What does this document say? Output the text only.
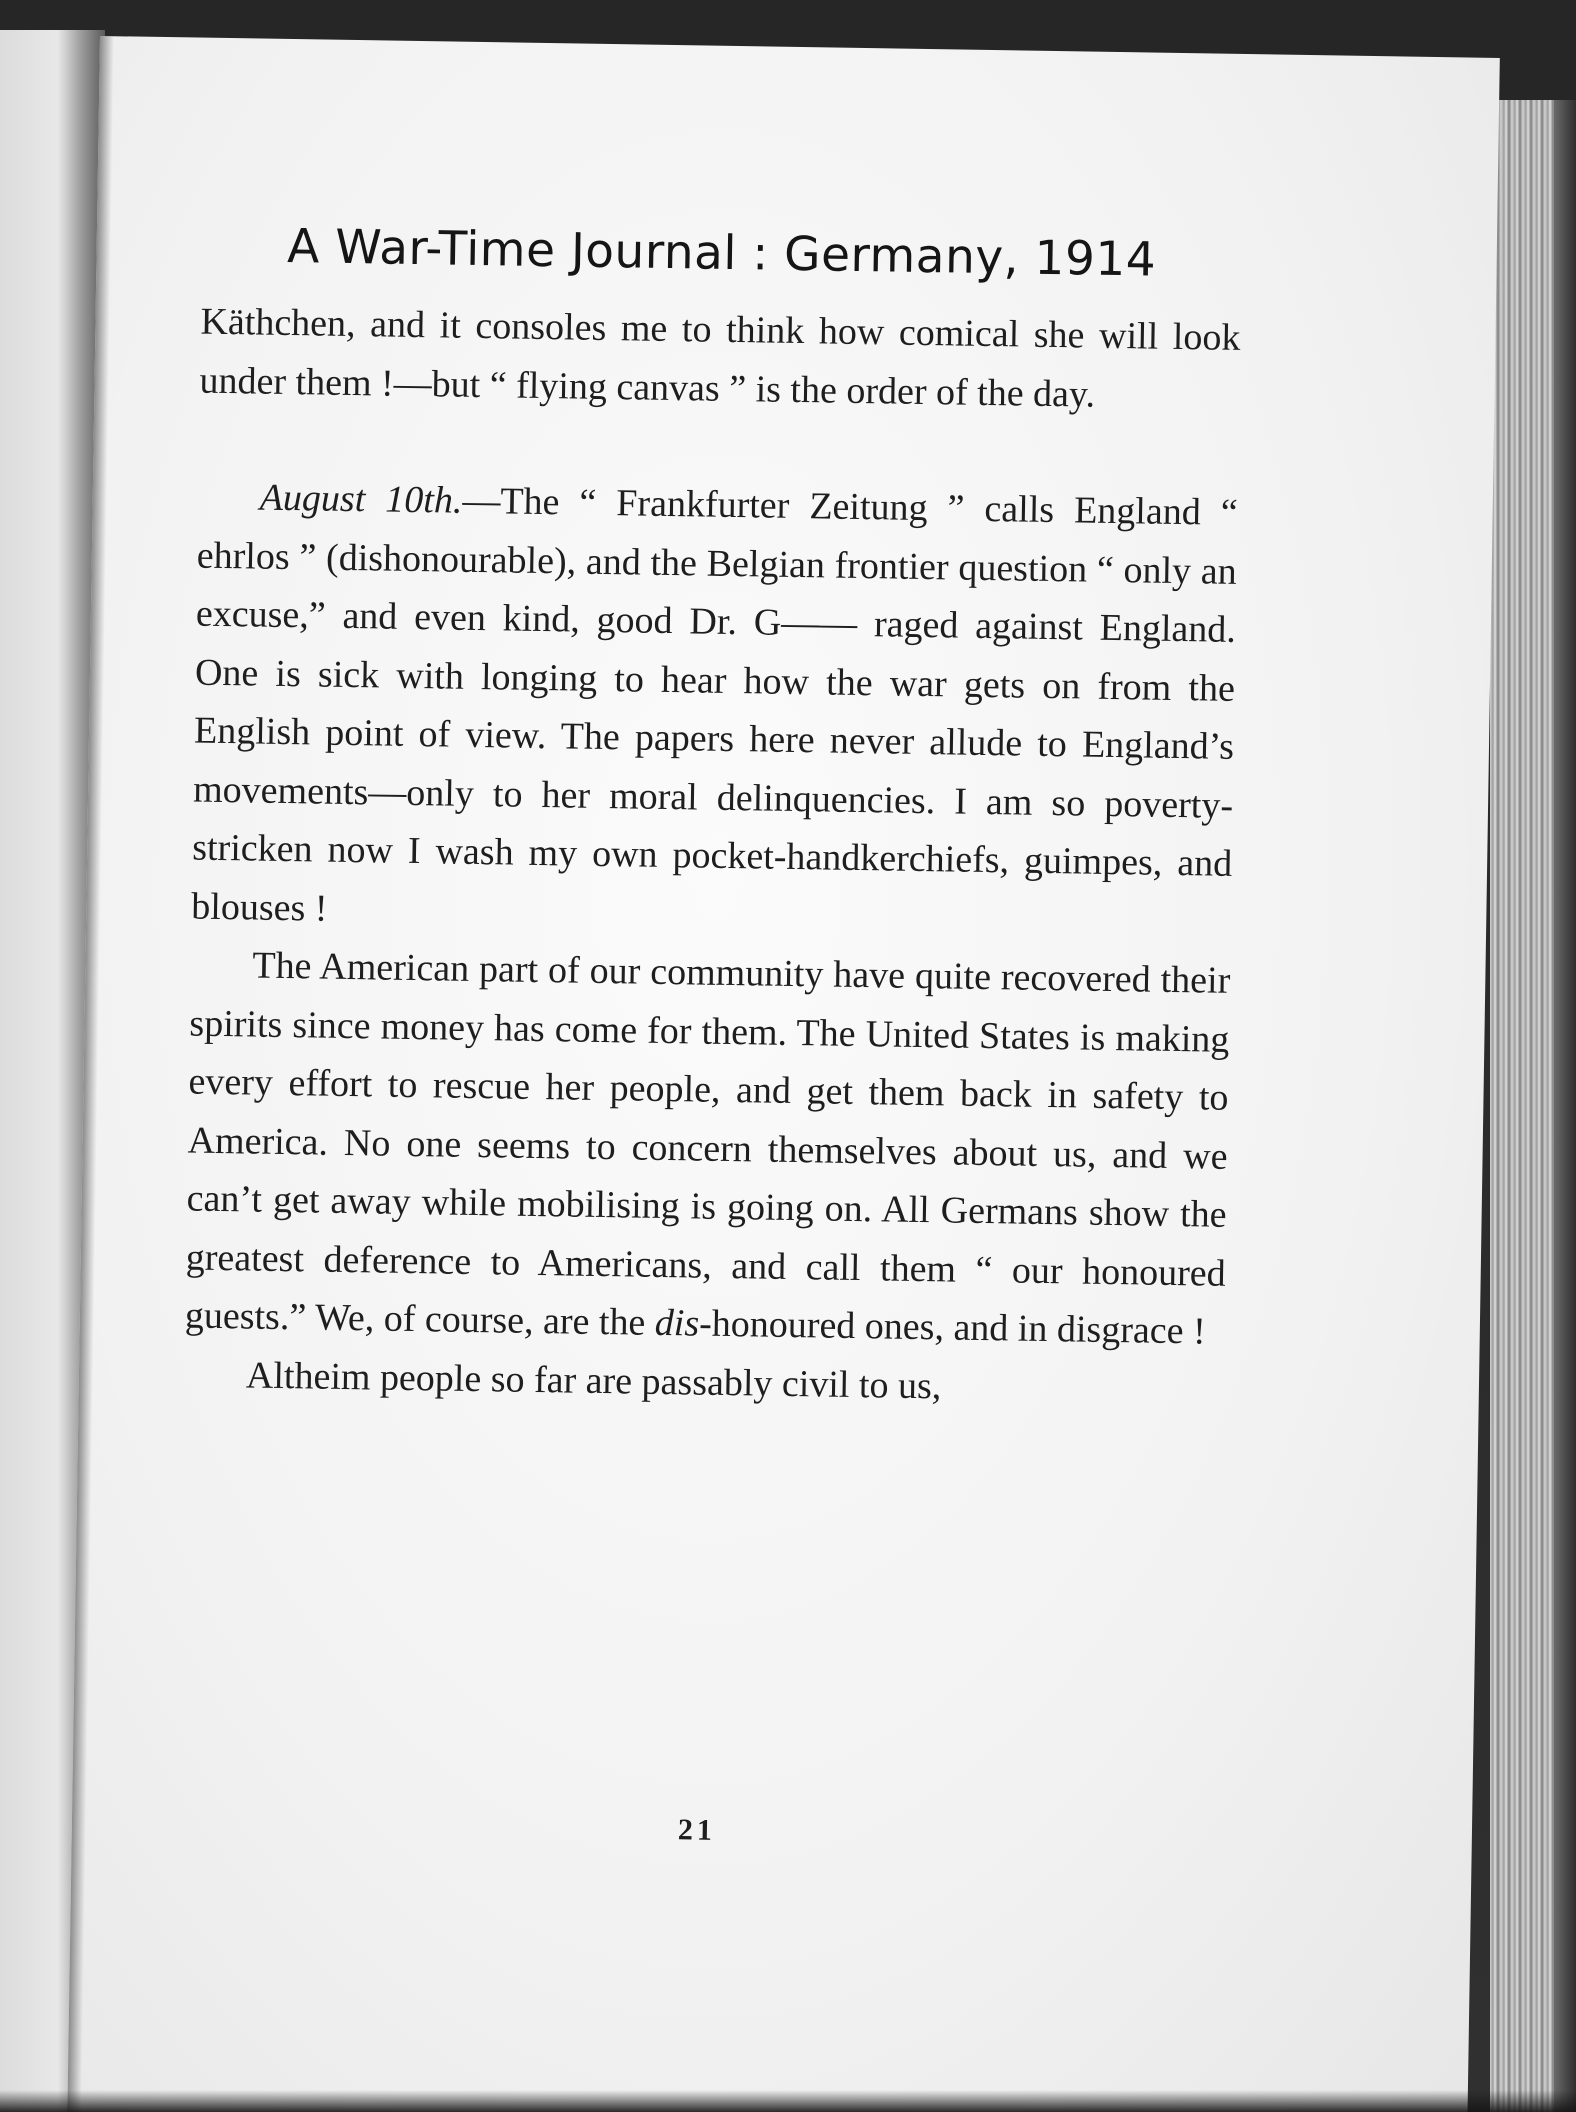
A War-Time Journal : Germany, 1914

Käthchen, and it consoles me to think how comical she will look under them !—but “ flying canvas ” is the order of the day.

August 10th.—The “ Frankfurter Zeitung ” calls England “ ehrlos ” (dishonourable), and the Belgian frontier question “ only an excuse,” and even kind, good Dr. G—— raged against England. One is sick with longing to hear how the war gets on from the English point of view. The papers here never allude to England’s movements—only to her moral delinquencies. I am so poverty-stricken now I wash my own pocket-handkerchiefs, guimpes, and blouses !

The American part of our community have quite recovered their spirits since money has come for them. The United States is making every effort to rescue her people, and get them back in safety to America. No one seems to concern themselves about us, and we can’t get away while mobilising is going on. All Germans show the greatest deference to Americans, and call them “ our honoured guests.” We, of course, are the dis-honoured ones, and in disgrace !

Altheim people so far are passably civil to us,

21
